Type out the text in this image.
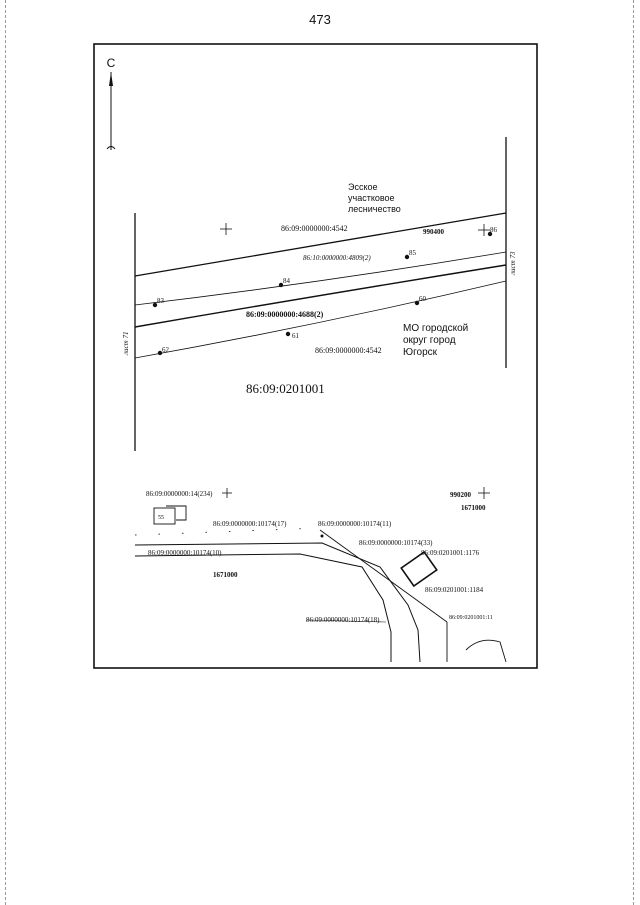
473
С
83
84
85
86
60
61
62
Эсское
участковое
лесничество
86:09:0000000:4542	990400
86:10:0000000:4809(2)
86:09:0000000:4688(2)
86:09:0000000:4542
МО городской
округ город
Югорск
86:09:0201001
лист 71
лист 73
86:09:0000000:14(234)	990200
1671000
55
86:09:0000000:10174(17)	86:09:0000000:10174(11)
86:09:0000000:10174(33)
86:09:0201001:1176
86:09:0000000:10174(10)
1671000
86:09:0201001:1184
86:09:0000000:10174(18)	86:09:0201001:11
